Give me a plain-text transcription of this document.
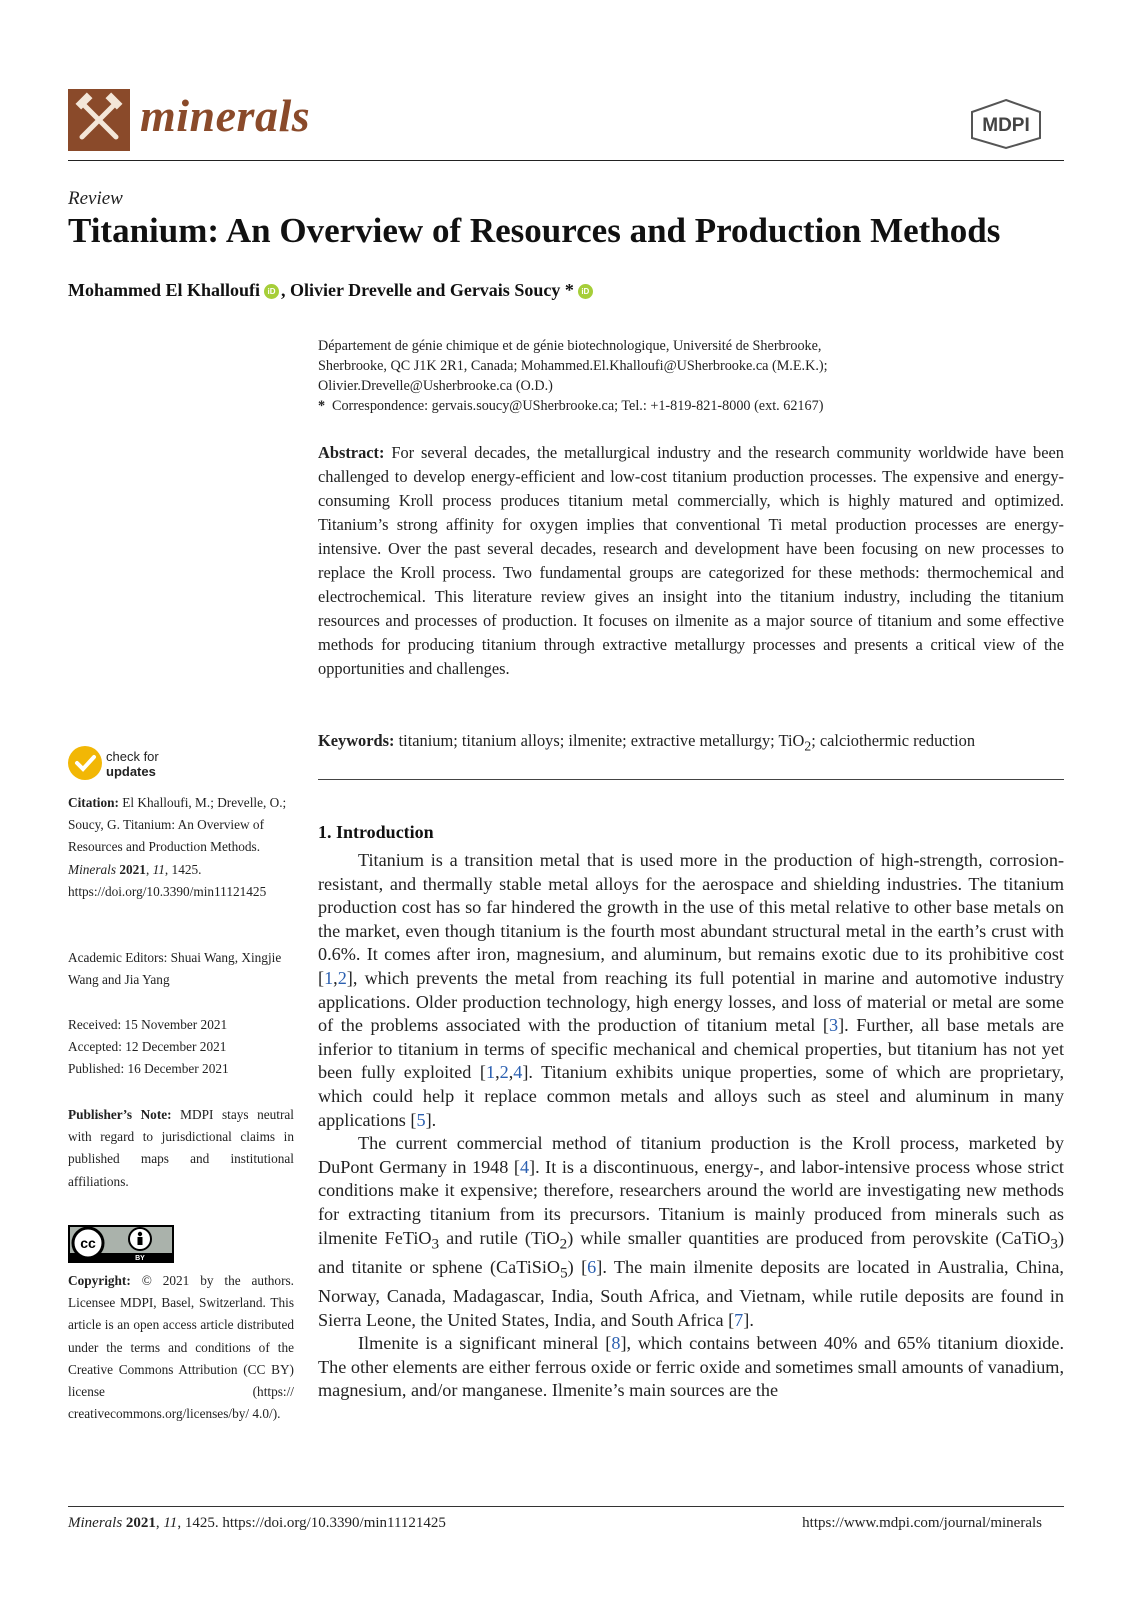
minerals	MDPI
Review
Titanium: An Overview of Resources and Production Methods
Mohammed El Khalloufi iD , Olivier Drevelle and Gervais Soucy * iD
Département de génie chimique et de génie biotechnologique, Université de Sherbrooke,
Sherbrooke, QC J1K 2R1, Canada; Mohammed.El.Khalloufi@USherbrooke.ca (M.E.K.);
Olivier.Drevelle@Usherbrooke.ca (O.D.)
* Correspondence: gervais.soucy@USherbrooke.ca; Tel.: +1-819-821-8000 (ext. 62167)
Abstract: For several decades, the metallurgical industry and the research community worldwide have been challenged to develop energy-efficient and low-cost titanium production processes. The expensive and energy-consuming Kroll process produces titanium metal commercially, which is highly matured and optimized. Titanium’s strong affinity for oxygen implies that conventional Ti metal production processes are energy-intensive. Over the past several decades, research and development have been focusing on new processes to replace the Kroll process. Two fundamental groups are categorized for these methods: thermochemical and electrochemical. This literature review gives an insight into the titanium industry, including the titanium resources and processes of production. It focuses on ilmenite as a major source of titanium and some effective methods for producing titanium through extractive metallurgy processes and presents a critical view of the opportunities and challenges.
Keywords: titanium; titanium alloys; ilmenite; extractive metallurgy; TiO$_2$; calciothermic reduction
1. Introduction

Titanium is a transition metal that is used more in the production of high-strength, corrosion-resistant, and thermally stable metal alloys for the aerospace and shielding industries. The titanium production cost has so far hindered the growth in the use of this metal relative to other base metals on the market, even though titanium is the fourth most abundant structural metal in the earth’s crust with 0.6%. It comes after iron, magnesium, and aluminum, but remains exotic due to its prohibitive cost [1,2], which prevents the metal from reaching its full potential in marine and automotive industry applications. Older production technology, high energy losses, and loss of material or metal are some of the problems associated with the production of titanium metal [3]. Further, all base metals are inferior to titanium in terms of specific mechanical and chemical properties, but titanium has not yet been fully exploited [1,2,4]. Titanium exhibits unique properties, some of which are proprietary, which could help it replace common metals and alloys such as steel and aluminum in many applications [5].

The current commercial method of titanium production is the Kroll process, marketed by DuPont Germany in 1948 [4]. It is a discontinuous, energy-, and labor-intensive process whose strict conditions make it expensive; therefore, researchers around the world are investigating new methods for extracting titanium from its precursors. Titanium is mainly produced from minerals such as ilmenite FeTiO$_3$ and rutile (TiO$_2$) while smaller quantities are produced from perovskite (CaTiO$_3$) and titanite or sphene (CaTiSiO$_5$) [6]. The main ilmenite deposits are located in Australia, China, Norway, Canada, Madagascar, India, South Africa, and Vietnam, while rutile deposits are found in Sierra Leone, the United States, India, and South Africa [7].

Ilmenite is a significant mineral [8], which contains between 40% and 65% titanium dioxide. The other elements are either ferrous oxide or ferric oxide and sometimes small amounts of vanadium, magnesium, and/or manganese. Ilmenite’s main sources are the

check for
updates
Citation: El Khalloufi, M.; Drevelle, O.; Soucy, G. Titanium: An Overview of Resources and Production Methods. Minerals 2021, 11, 1425. https://doi.org/10.3390/min11121425
Academic Editors: Shuai Wang, Xingjie Wang and Jia Yang
Received: 15 November 2021
Accepted: 12 December 2021
Published: 16 December 2021
Publisher’s Note: MDPI stays neutral with regard to jurisdictional claims in published maps and institutional affiliations.
cc
BY
Copyright: © 2021 by the authors. Licensee MDPI, Basel, Switzerland. This article is an open access article distributed under the terms and conditions of the Creative Commons Attribution (CC BY) license (https:// creativecommons.org/licenses/by/ 4.0/).
Minerals 2021, 11, 1425. https://doi.org/10.3390/min11121425	https://www.mdpi.com/journal/minerals
